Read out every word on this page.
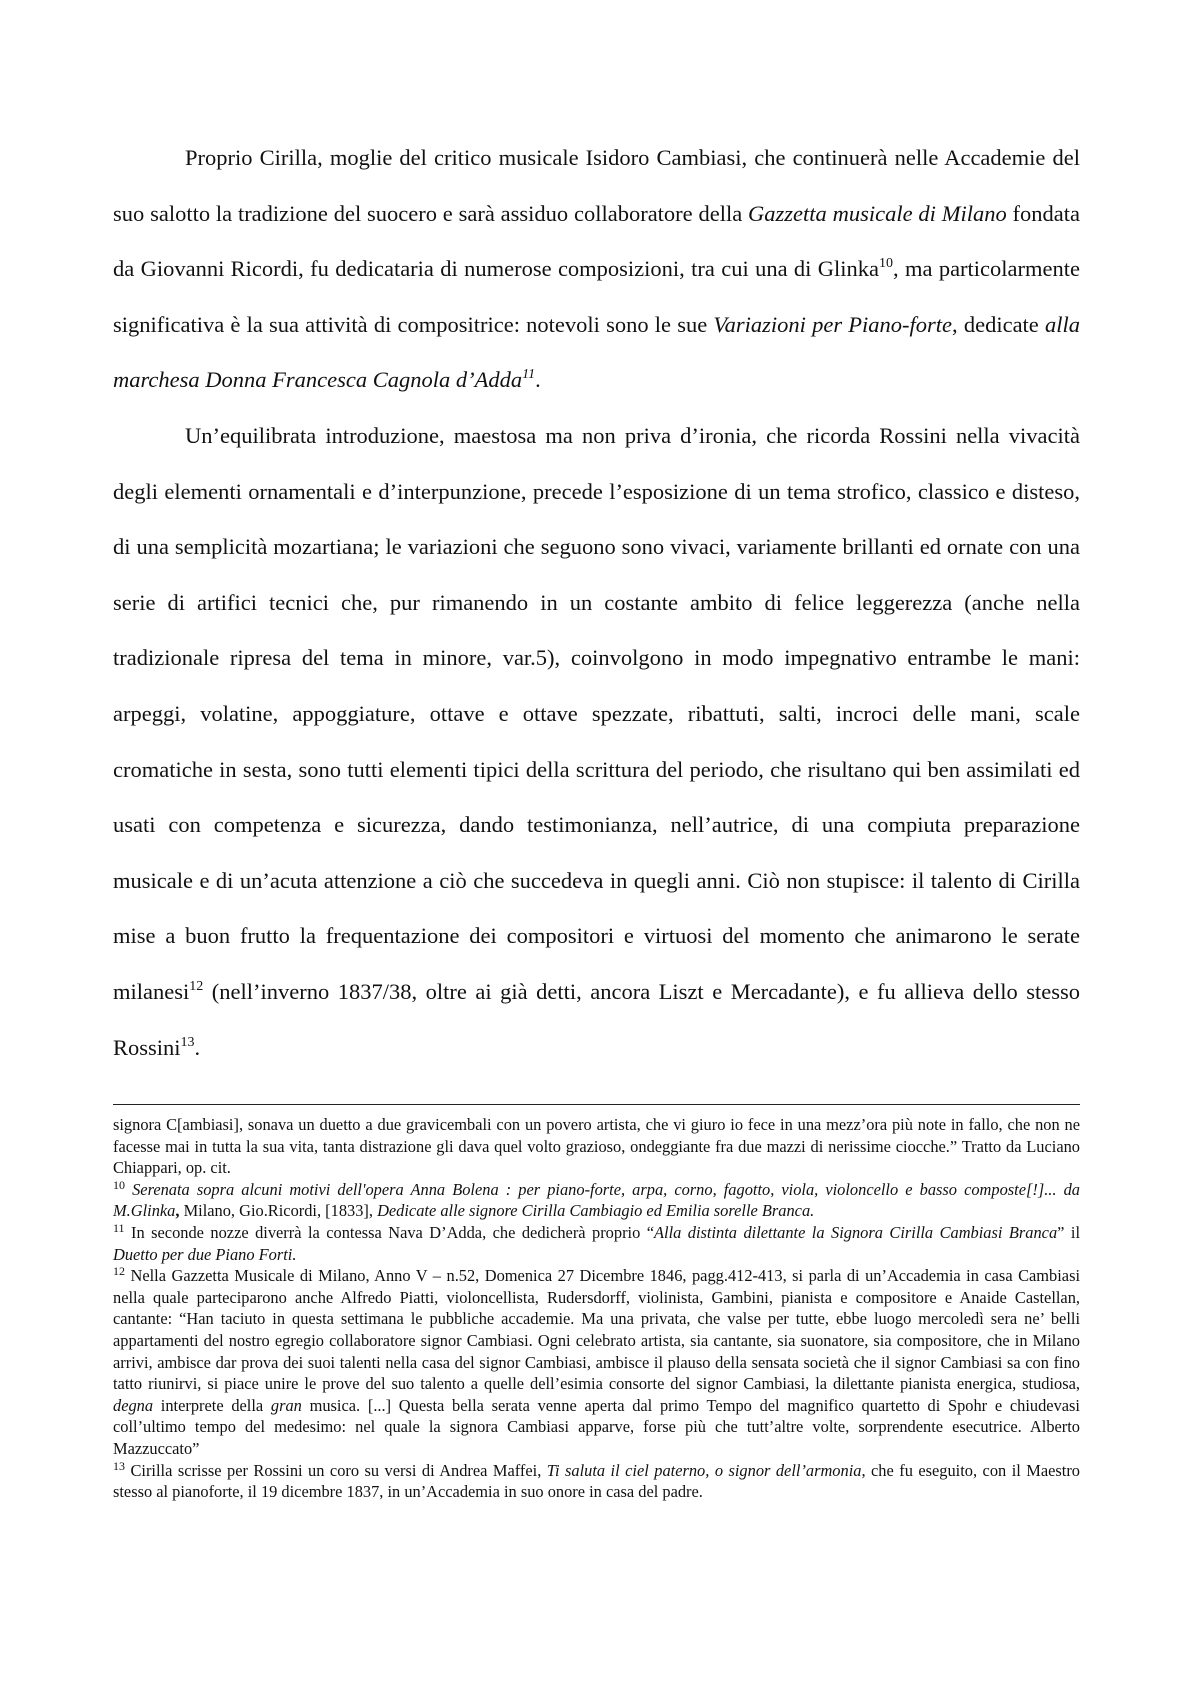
Proprio Cirilla, moglie del critico musicale Isidoro Cambiasi, che continuerà nelle Accademie del suo salotto la tradizione del suocero e sarà assiduo collaboratore della Gazzetta musicale di Milano fondata da Giovanni Ricordi, fu dedicataria di numerose composizioni, tra cui una di Glinka$^{10}$, ma particolarmente significativa è la sua attività di compositrice: notevoli sono le sue Variazioni per Piano-forte, dedicate alla marchesa Donna Francesca Cagnola d’Adda$^{11}$.

Un’equilibrata introduzione, maestosa ma non priva d’ironia, che ricorda Rossini nella vivacità degli elementi ornamentali e d’interpunzione, precede l’esposizione di un tema strofico, classico e disteso, di una semplicità mozartiana; le variazioni che seguono sono vivaci, variamente brillanti ed ornate con una serie di artifici tecnici che, pur rimanendo in un costante ambito di felice leggerezza (anche nella tradizionale ripresa del tema in minore, var.5), coinvolgono in modo impegnativo entrambe le mani: arpeggi, volatine, appoggiature, ottave e ottave spezzate, ribattuti, salti, incroci delle mani, scale cromatiche in sesta, sono tutti elementi tipici della scrittura del periodo, che risultano qui ben assimilati ed usati con competenza e sicurezza, dando testimonianza, nell’autrice, di una compiuta preparazione musicale e di un’acuta attenzione a ciò che succedeva in quegli anni. Ciò non stupisce: il talento di Cirilla mise a buon frutto la frequentazione dei compositori e virtuosi del momento che animarono le serate milanesi$^{12}$ (nell’inverno 1837/38, oltre ai già detti, ancora Liszt e Mercadante), e fu allieva dello stesso Rossini$^{13}$.

signora C[ambiasi], sonava un duetto a due gravicembali con un povero artista, che vi giuro io fece in una mezz’ora più note in fallo, che non ne facesse mai in tutta la sua vita, tanta distrazione gli dava quel volto grazioso, ondeggiante fra due mazzi di nerissime ciocche.” Tratto da Luciano Chiappari, op. cit.

$^{10}$ Serenata sopra alcuni motivi dell'opera Anna Bolena : per piano-forte, arpa, corno, fagotto, viola, violoncello e basso composte[!]... da M.Glinka, Milano, Gio.Ricordi, [1833], Dedicate alle signore Cirilla Cambiagio ed Emilia sorelle Branca.

$^{11}$ In seconde nozze diverrà la contessa Nava D’Adda, che dedicherà proprio “Alla distinta dilettante la Signora Cirilla Cambiasi Branca” il Duetto per due Piano Forti.

$^{12}$ Nella Gazzetta Musicale di Milano, Anno V – n.52, Domenica 27 Dicembre 1846, pagg.412-413, si parla di un’Accademia in casa Cambiasi nella quale parteciparono anche Alfredo Piatti, violoncellista, Rudersdorff, violinista, Gambini, pianista e compositore e Anaide Castellan, cantante: “Han taciuto in questa settimana le pubbliche accademie. Ma una privata, che valse per tutte, ebbe luogo mercoledì sera ne’ belli appartamenti del nostro egregio collaboratore signor Cambiasi. Ogni celebrato artista, sia cantante, sia suonatore, sia compositore, che in Milano arrivi, ambisce dar prova dei suoi talenti nella casa del signor Cambiasi, ambisce il plauso della sensata società che il signor Cambiasi sa con fino tatto riunirvi, si piace unire le prove del suo talento a quelle dell’esimia consorte del signor Cambiasi, la dilettante pianista energica, studiosa, degna interprete della gran musica. [...] Questa bella serata venne aperta dal primo Tempo del magnifico quartetto di Spohr e chiudevasi coll’ultimo tempo del medesimo: nel quale la signora Cambiasi apparve, forse più che tutt’altre volte, sorprendente esecutrice. Alberto Mazzuccato”

$^{13}$ Cirilla scrisse per Rossini un coro su versi di Andrea Maffei, Ti saluta il ciel paterno, o signor dell’armonia, che fu eseguito, con il Maestro stesso al pianoforte, il 19 dicembre 1837, in un’Accademia in suo onore in casa del padre.
